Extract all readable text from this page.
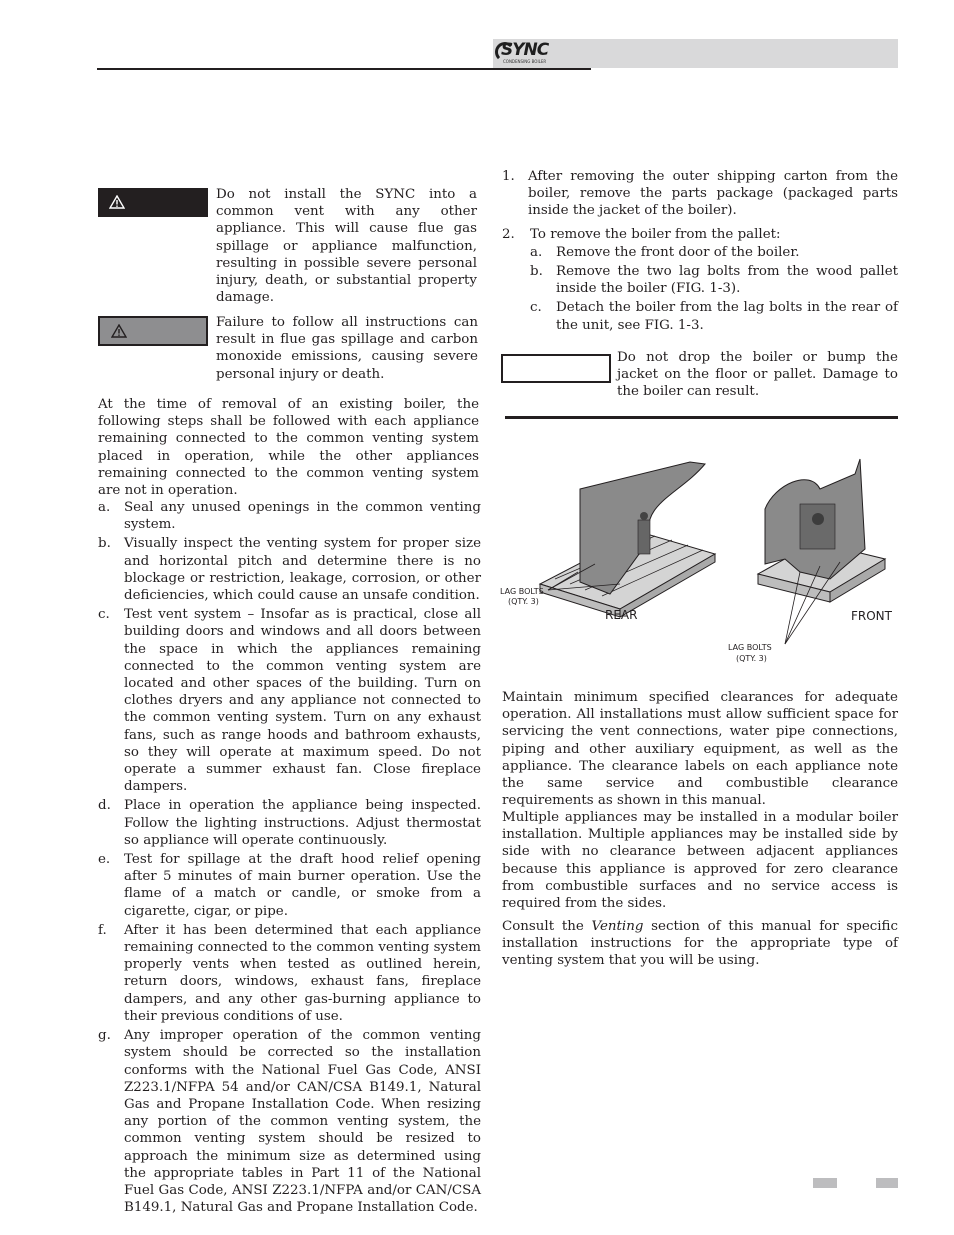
SYNC
CONDENSING BOILER

Do not install the SYNC into a common vent with any other appliance. This will cause flue gas spillage or appliance malfunction, resulting in possible severe personal injury, death, or substantial property damage.

Failure to follow all instructions can result in flue gas spillage and carbon monoxide emissions, causing severe personal injury or death.

At the time of removal of an existing boiler, the following steps shall be followed with each appliance remaining connected to the common venting system placed in operation, while the other appliances remaining connected to the common venting system are not in operation.

a. Seal any unused openings in the common venting system.
b. Visually inspect the venting system for proper size and horizontal pitch and determine there is no blockage or restriction, leakage, corrosion, or other deficiencies, which could cause an unsafe condition.
c. Test vent system – Insofar as is practical, close all building doors and windows and all doors between the space in which the appliances remaining connected to the common venting system are located and other spaces of the building. Turn on clothes dryers and any appliance not connected to the common venting system. Turn on any exhaust fans, such as range hoods and bathroom exhausts, so they will operate at maximum speed. Do not operate a summer exhaust fan. Close fireplace dampers.
d. Place in operation the appliance being inspected. Follow the lighting instructions. Adjust thermostat so appliance will operate continuously.
e. Test for spillage at the draft hood relief opening after 5 minutes of main burner operation. Use the flame of a match or candle, or smoke from a cigarette, cigar, or pipe.
f. After it has been determined that each appliance remaining connected to the common venting system properly vents when tested as outlined herein, return doors, windows, exhaust fans, fireplace dampers, and any other gas-burning appliance to their previous conditions of use.
g. Any improper operation of the common venting system should be corrected so the installation conforms with the National Fuel Gas Code, ANSI Z223.1/NFPA 54 and/or CAN/CSA B149.1, Natural Gas and Propane Installation Code. When resizing any portion of the common venting system, the common venting system should be resized to approach the minimum size as determined using the appropriate tables in Part 11 of the National Fuel Gas Code, ANSI Z223.1/NFPA and/or CAN/CSA B149.1, Natural Gas and Propane Installation Code.
1. After removing the outer shipping carton from the boiler, remove the parts package (packaged parts inside the jacket of the boiler).

2. To remove the boiler from the pallet:

a. Remove the front door of the boiler.
b. Remove the two lag bolts from the wood pallet inside the boiler (FIG. 1-3).
c. Detach the boiler from the lag bolts in the rear of the unit, see FIG. 1-3.

Do not drop the boiler or bump the jacket on the floor or pallet. Damage to the boiler can result.

LAG BOLTS
(QTY. 3)
REAR	FRONT
LAG BOLTS
(QTY. 3)

Maintain minimum specified clearances for adequate operation. All installations must allow sufficient space for servicing the vent connections, water pipe connections, piping and other auxiliary equipment, as well as the appliance. The clearance labels on each appliance note the same service and combustible clearance requirements as shown in this manual.

Multiple appliances may be installed in a modular boiler installation. Multiple appliances may be installed side by side with no clearance between adjacent appliances because this appliance is approved for zero clearance from combustible surfaces and no service access is required from the sides.

Consult the Venting section of this manual for specific installation instructions for the appropriate type of venting system that you will be using.
